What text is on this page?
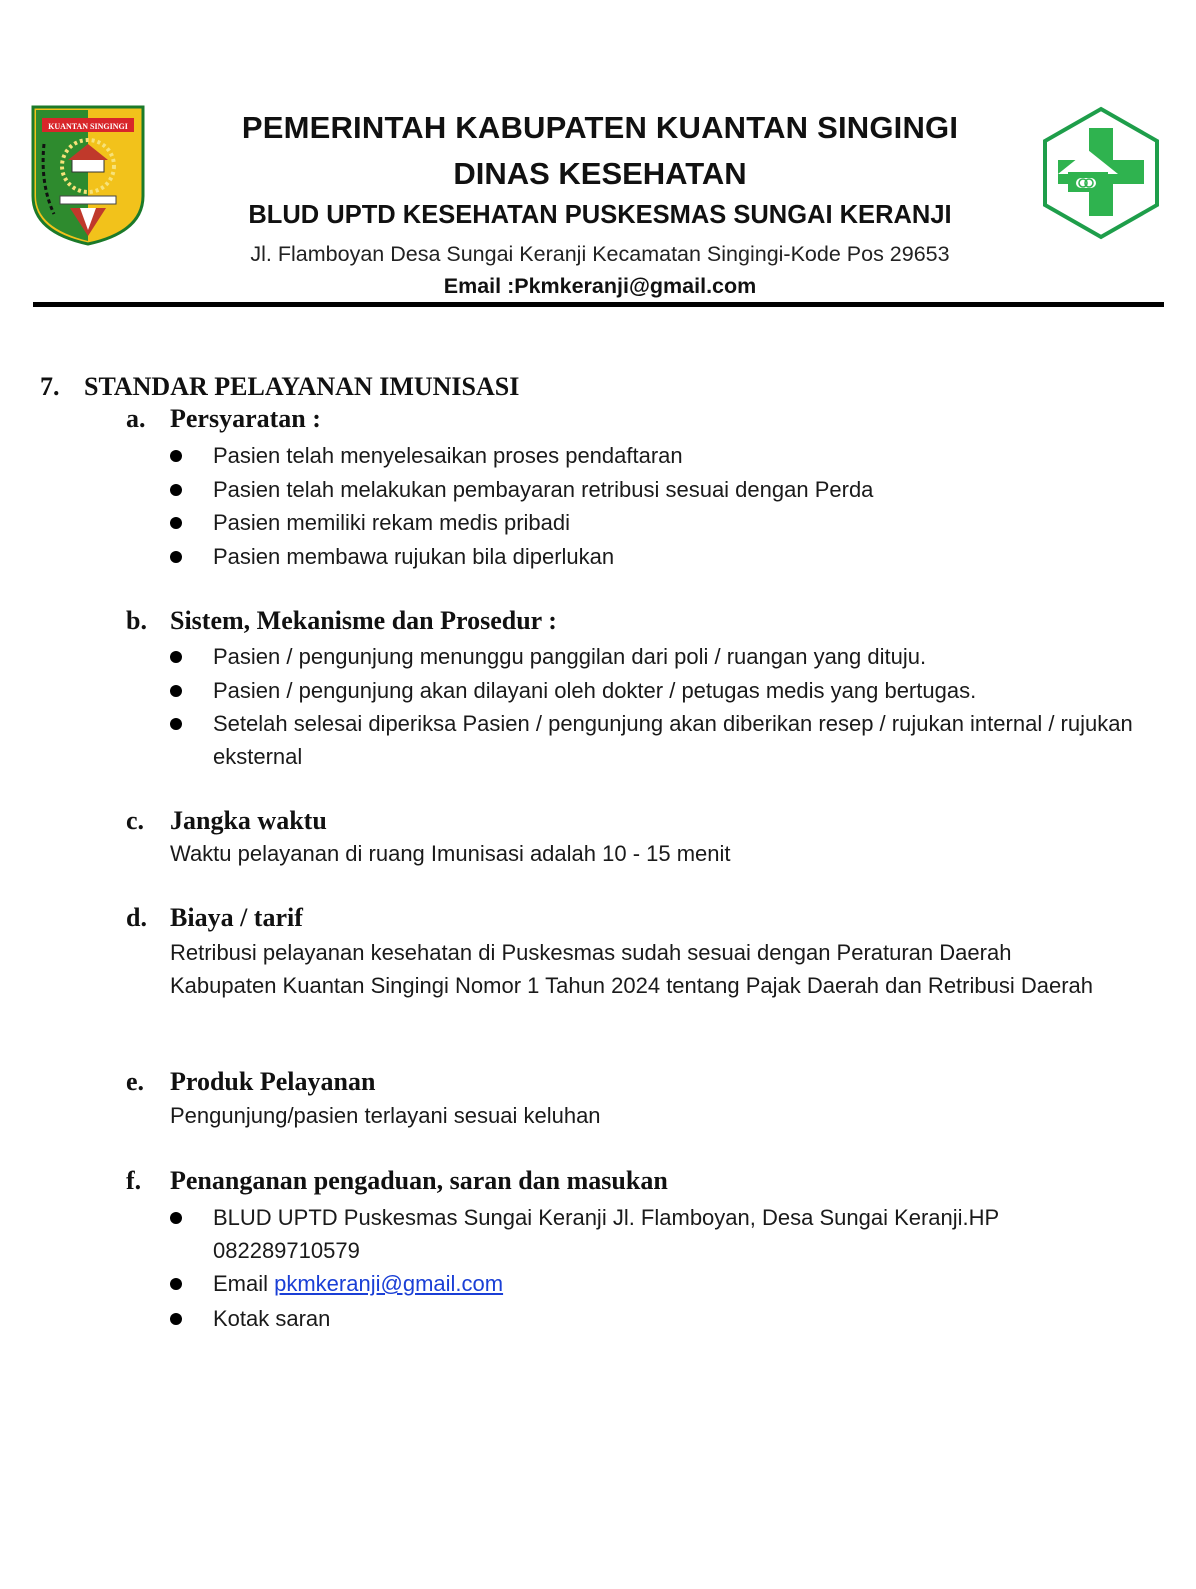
KUANTAN SINGINGI	PEMERINTAH KABUPATEN KUANTAN SINGINGI
DINAS KESEHATAN
BLUD UPTD KESEHATAN PUSKESMAS SUNGAI KERANJI
Jl. Flamboyan Desa Sungai Keranji Kecamatan Singingi-Kode Pos 29653
Email :Pkmkeranji@gmail.com
7. STANDAR PELAYANAN IMUNISASI
a. Persyaratan :
Pasien telah menyelesaikan proses pendaftaran
Pasien telah melakukan pembayaran retribusi sesuai dengan Perda
Pasien memiliki rekam medis pribadi
Pasien membawa rujukan bila diperlukan
b. Sistem, Mekanisme dan Prosedur :
Pasien / pengunjung menunggu panggilan dari poli / ruangan yang dituju.
Pasien / pengunjung akan dilayani oleh dokter / petugas medis yang bertugas.
Setelah selesai diperiksa Pasien / pengunjung akan diberikan resep / rujukan internal / rujukan eksternal
c. Jangka waktu
Waktu pelayanan di ruang Imunisasi adalah 10 - 15 menit
d. Biaya / tarif
Retribusi pelayanan kesehatan di Puskesmas sudah sesuai dengan Peraturan Daerah Kabupaten Kuantan Singingi Nomor 1 Tahun 2024 tentang Pajak Daerah dan Retribusi Daerah
e. Produk Pelayanan
Pengunjung/pasien terlayani sesuai keluhan
f. Penanganan pengaduan, saran dan masukan
BLUD UPTD Puskesmas Sungai Keranji Jl. Flamboyan, Desa Sungai Keranji.HP 082289710579
Email pkmkeranji@gmail.com
Kotak saran
